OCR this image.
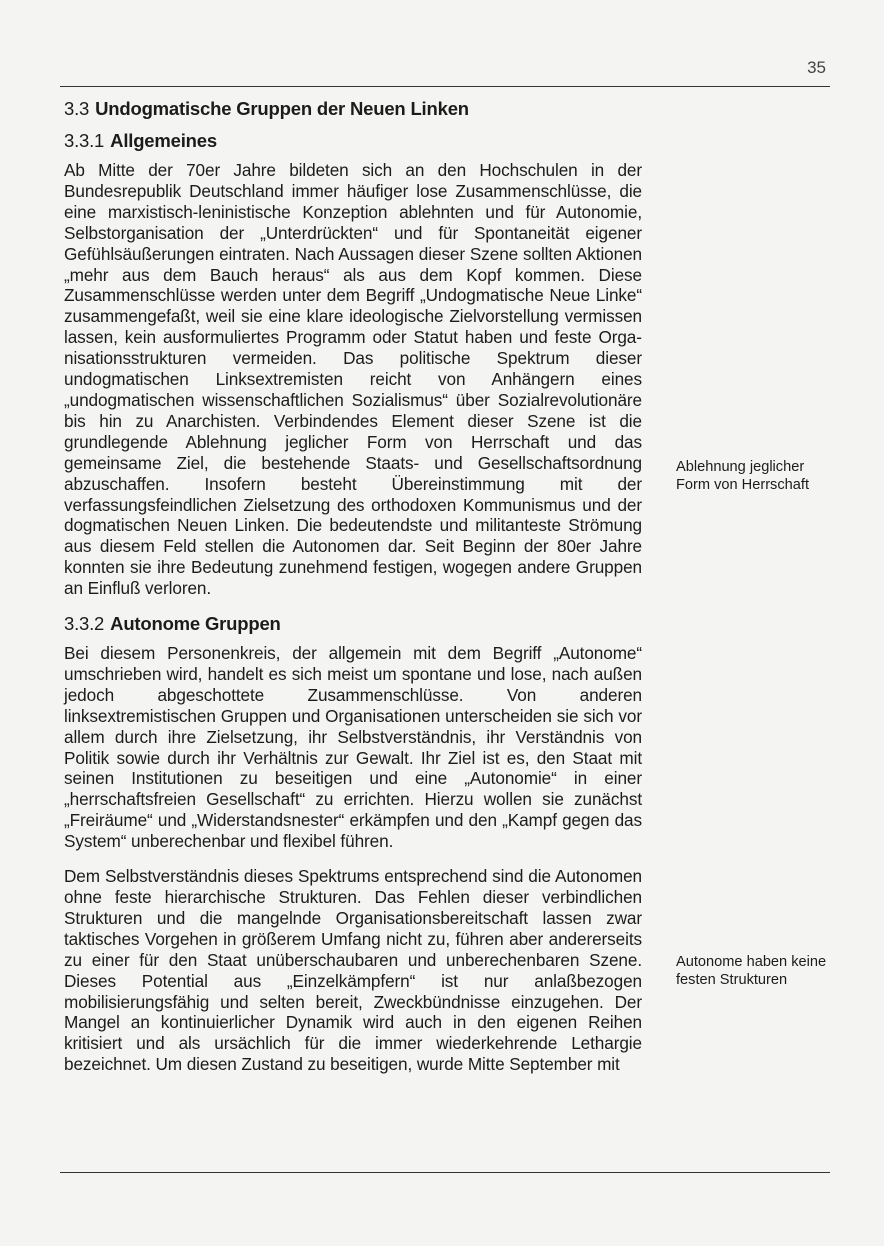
35
3.3 Undogmatische Gruppen der Neuen Linken
3.3.1 Allgemeines

Ab Mitte der 70er Jahre bildeten sich an den Hochschulen in der Bundesrepublik Deutschland immer häufiger lose Zusammenschlüsse, die eine marxistisch-leninistische Konzeption ablehnten und für Autonomie, Selbstorganisation der „Unterdrückten“ und für Spontaneität eigener Gefühlsäußerungen eintraten. Nach Aussagen dieser Szene sollten Aktionen „mehr aus dem Bauch heraus“ als aus dem Kopf kommen. Diese Zusammenschlüsse werden unter dem Begriff „Undogmatische Neue Linke“ zusammengefaßt, weil sie eine klare ideologische Zielvorstellung vermissen lassen, kein ausformuliertes Programm oder Statut haben und feste Organisationsstrukturen vermeiden. Das politische Spektrum dieser undogmatischen Linksextremisten reicht von Anhängern eines „undogmatischen wissenschaftlichen Sozialismus“ über Sozialrevolutionäre bis hin zu Anarchisten. Verbindendes Element dieser Szene ist die grundlegende Ablehnung jeglicher Form von Herrschaft und das gemeinsame Ziel, die bestehende Staats- und Gesellschaftsordnung abzuschaffen. Insofern besteht Übereinstimmung mit der verfassungsfeindlichen Zielsetzung des orthodoxen Kommunismus und der dogmatischen Neuen Linken. Die bedeutendste und militanteste Strömung aus diesem Feld stellen die Autonomen dar. Seit Beginn der 80er Jahre konnten sie ihre Bedeutung zunehmend festigen, wogegen andere Gruppen an Einfluß verloren.

3.3.2 Autonome Gruppen

Bei diesem Personenkreis, der allgemein mit dem Begriff „Autonome“ umschrieben wird, handelt es sich meist um spontane und lose, nach außen jedoch abgeschottete Zusammenschlüsse. Von anderen linksextremistischen Gruppen und Organisationen unterscheiden sie sich vor allem durch ihre Zielsetzung, ihr Selbstverständnis, ihr Verständnis von Politik sowie durch ihr Verhältnis zur Gewalt. Ihr Ziel ist es, den Staat mit seinen Institutionen zu beseitigen und eine „Autonomie“ in einer „herrschaftsfreien Gesellschaft“ zu errichten. Hierzu wollen sie zunächst „Freiräume“ und „Widerstandsnester“ erkämpfen und den „Kampf gegen das System“ unberechenbar und flexibel führen.

Dem Selbstverständnis dieses Spektrums entsprechend sind die Autonomen ohne feste hierarchische Strukturen. Das Fehlen dieser verbindlichen Strukturen und die mangelnde Organisationsbereitschaft lassen zwar taktisches Vorgehen in größerem Umfang nicht zu, führen aber andererseits zu einer für den Staat unüberschaubaren und unberechenbaren Szene. Dieses Potential aus „Einzelkämpfern“ ist nur anlaßbezogen mobilisierungsfähig und selten bereit, Zweckbündnisse einzugehen. Der Mangel an kontinuierlicher Dynamik wird auch in den eigenen Reihen kritisiert und als ursächlich für die immer wiederkehrende Lethargie bezeichnet. Um diesen Zustand zu beseitigen, wurde Mitte September mit

Ablehnung jeglicher Form von Herrschaft
Autonome haben keine festen Strukturen
